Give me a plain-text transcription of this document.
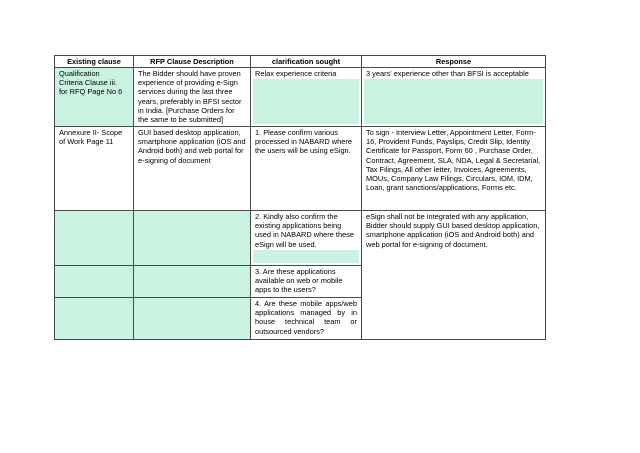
Existing clause	RFP Clause Description	clarification sought	Response

Qualification
Criteria Clause iii.
for RFQ Page No 6	The Bidder should have proven experience of providing e-Sign services during the last three years, preferably in BFSI sector in India. [Purchase Orders for the same to be submitted]	Relax experience criteria	3 years' experience other than BFSI is acceptable

Annexure II- Scope of Work Page 11	GUI based desktop application, smartphone application (iOS and Android both) and web portal for e-signing of document	1. Please confirm various processed in NABARD where the users will be using eSign.	To sign - Interview Letter, Appointment Letter, Form-16, Provident Funds, Payslips, Credit Slip, Identity Certificate for Passport, Form 60 , Purchase Order, Contract, Agreement, SLA, NDA, Legal & Secretarial, Tax Filings, All other letter, Invoices, Agreements, MOUs, Company Law Filings, Circulars, IOM, IDM, Loan, grant sanctions/applications, Forms etc.

		2. Kindly also confirm the existing applications being used in NABARD where these eSign will be used.	eSign shall not be integrated with any application, Bidder should supply GUI based desktop application, smartphone application (iOS and Android both) and web portal for e-signing of document.

		3. Are these applications available on web or mobile apps to the users?	

		4. Are these mobile apps/web applications managed by in house technical team or outsourced vendors?	
